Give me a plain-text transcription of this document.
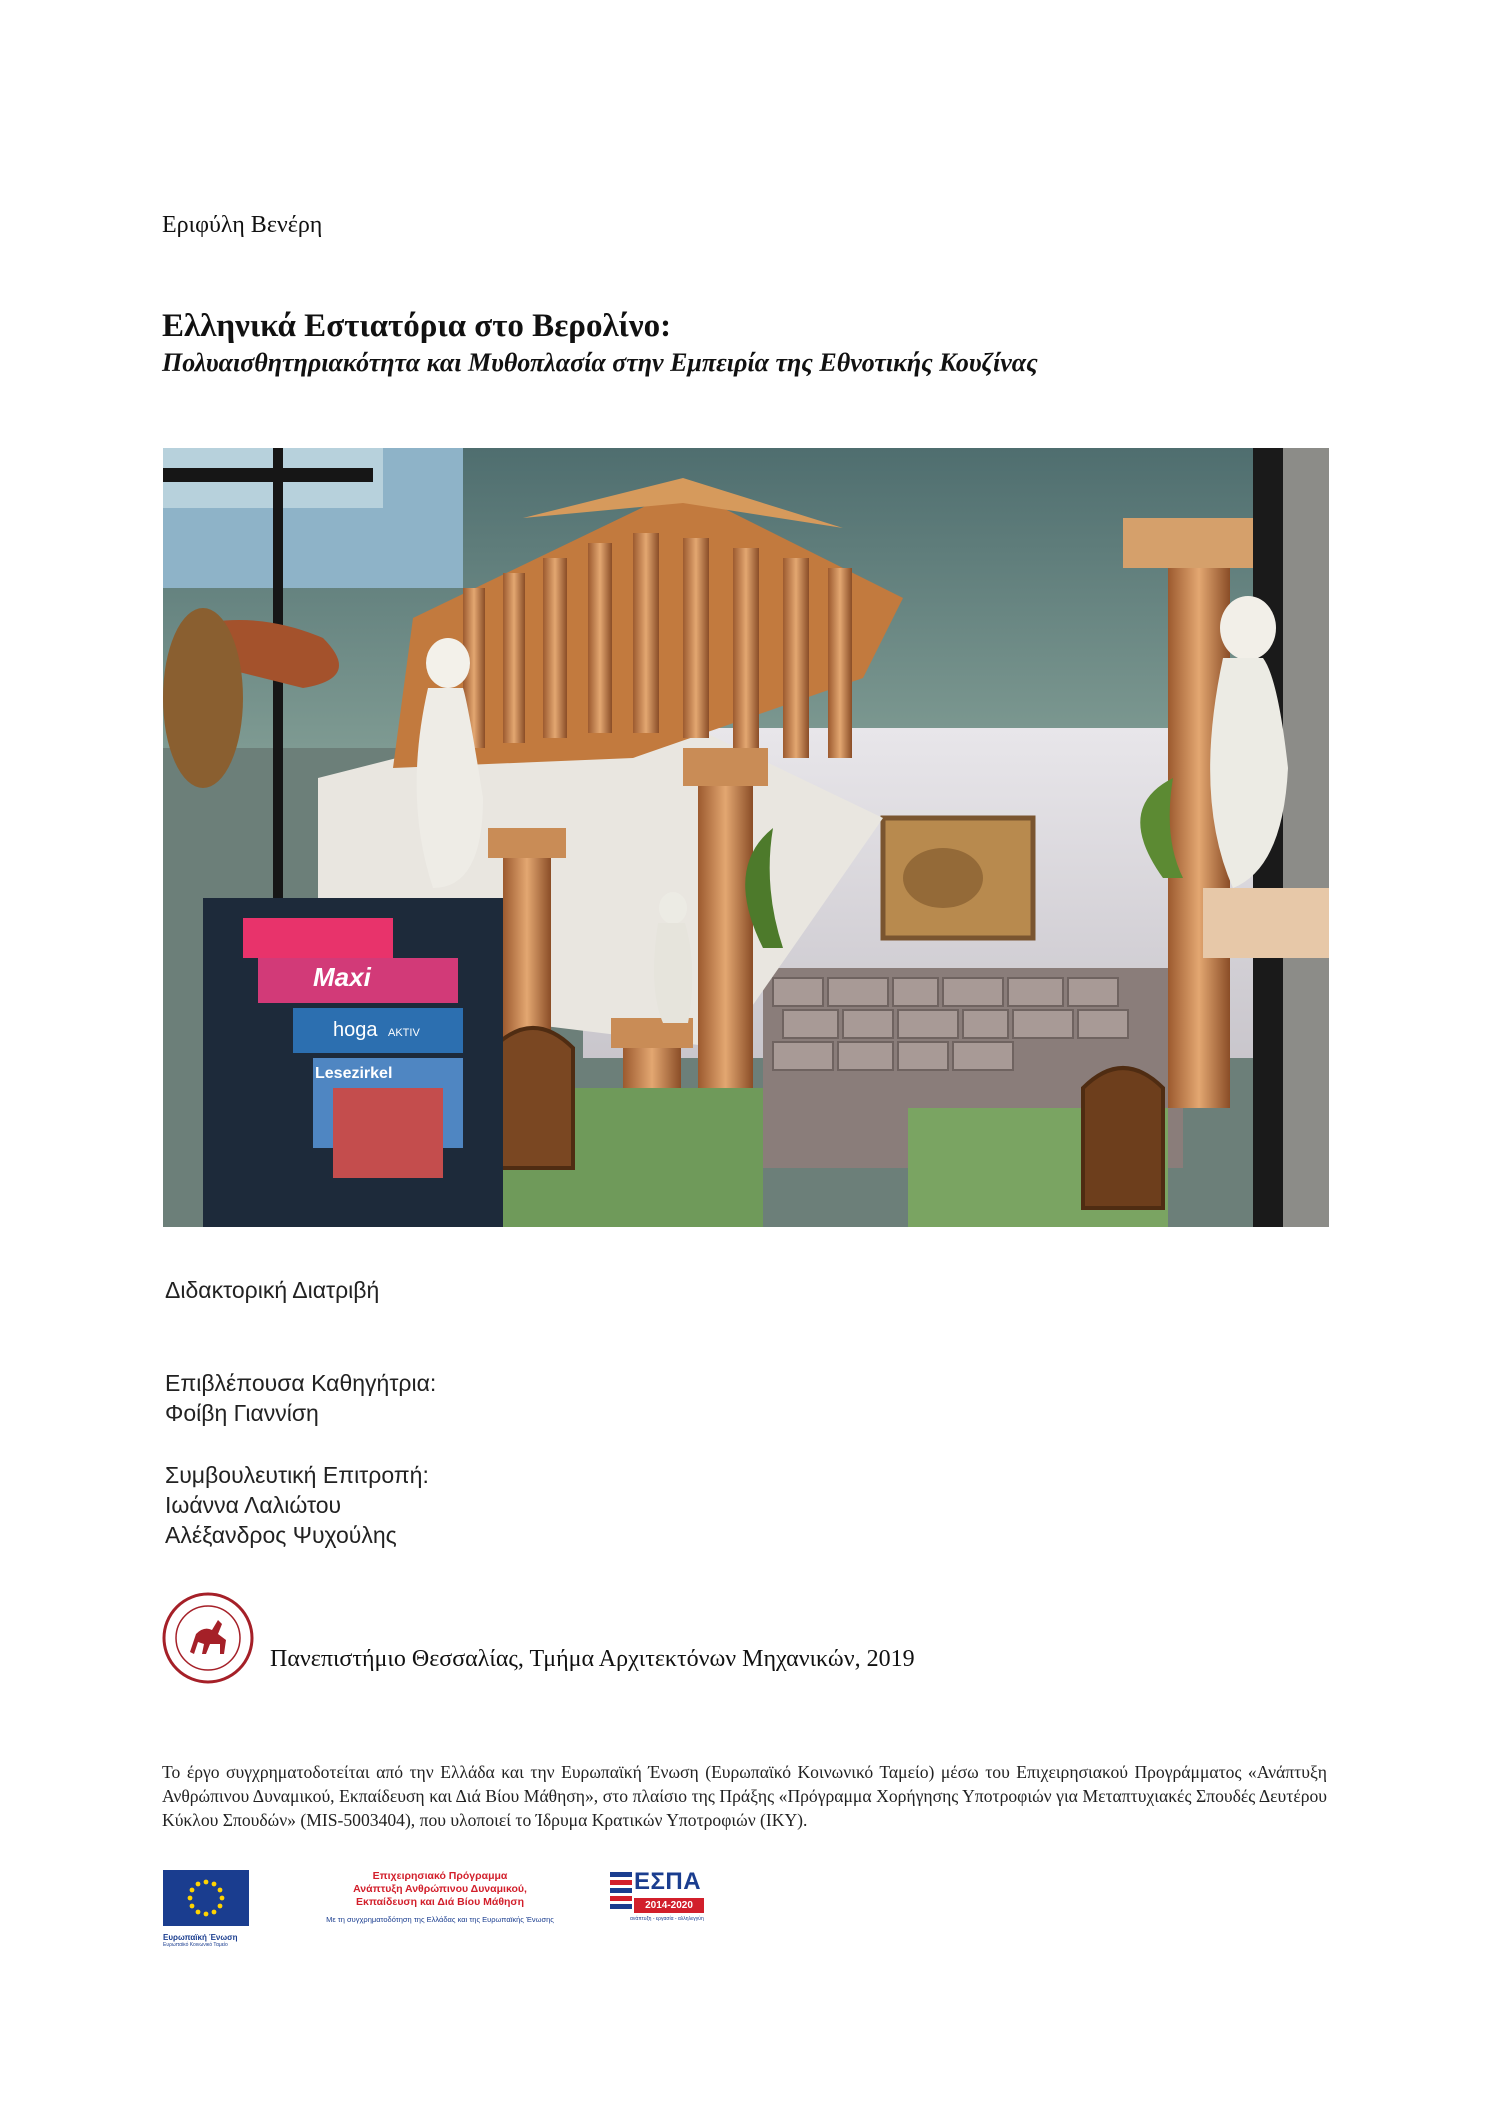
Εριφύλη Βενέρη
Ελληνικά Εστιατόρια στο Βερολίνο:
Πολυαισθητηριακότητα και Μυθοπλασία στην Εμπειρία της Εθνοτικής Κουζίνας
Maxi
hoga AKTIV
Lesezirkel
Διδακτορική Διατριβή
Επιβλέπουσα Καθηγήτρια:
Φοίβη Γιαννίση
Συμβουλευτική Επιτροπή:
Ιωάννα Λαλιώτου
Αλέξανδρος Ψυχούλης
Πανεπιστήμιο Θεσσαλίας, Τμήμα Αρχιτεκτόνων Μηχανικών, 2019
Το έργο συγχρηματοδοτείται από την Ελλάδα και την Ευρωπαϊκή Ένωση (Ευρωπαϊκό Κοινωνικό Ταμείο) μέσω του Επιχειρησιακού Προγράμματος «Ανάπτυξη Ανθρώπινου Δυναμικού, Εκπαίδευση και Διά Βίου Μάθηση», στο πλαίσιο της Πράξης «Πρόγραμμα Χορήγησης Υποτροφιών για Μεταπτυχιακές Σπουδές Δευτέρου Κύκλου Σπουδών» (MIS-5003404), που υλοποιεί το Ίδρυμα Κρατικών Υποτροφιών (ΙΚΥ).
Ευρωπαϊκή Ένωση
Ευρωπαϊκό Κοινωνικό Ταμείο
Επιχειρησιακό Πρόγραμμα
Ανάπτυξη Ανθρώπινου Δυναμικού,
Εκπαίδευση και Διά Βίου Μάθηση
Με τη συγχρηματοδότηση της Ελλάδας και της Ευρωπαϊκής Ένωσης
ΕΣΠΑ
2014-2020
ανάπτυξη - εργασία - αλληλεγγύη
